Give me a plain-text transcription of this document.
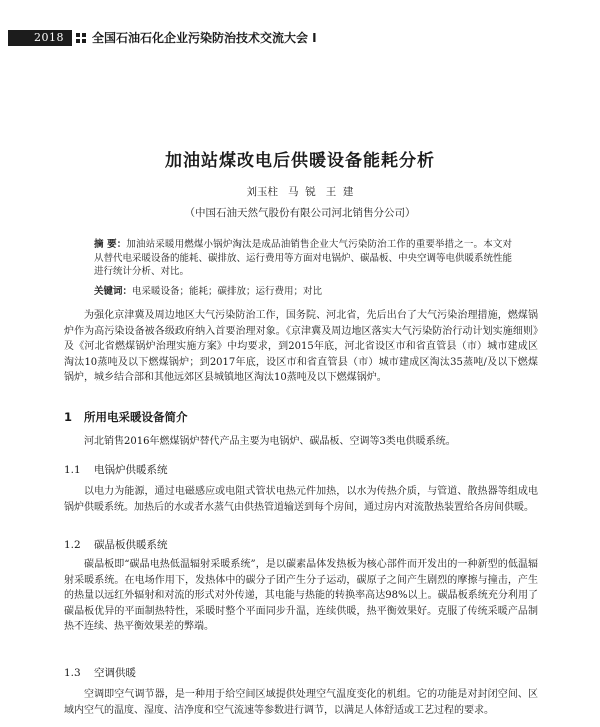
2018 全国石油石化企业污染防治技术交流大会 Ⅰ
加油站煤改电后供暖设备能耗分析
刘玉柱   马  锐   王  建
（中国石油天然气股份有限公司河北销售分公司）
摘 要：加油站采暖用燃煤小锅炉淘汰是成品油销售企业大气污染防治工作的重要举措之一。本文对从替代电采暖设备的能耗、碳排放、运行费用等方面对电锅炉、碳晶板、中央空调等电供暖系统性能进行统计分析、对比。
关键词：电采暖设备；能耗；碳排放；运行费用；对比
为强化京津冀及周边地区大气污染防治工作，国务院、河北省，先后出台了大气污染治理措施，燃煤锅炉作为高污染设备被各级政府纳入首要治理对象。《京津冀及周边地区落实大气污染防治行动计划实施细则》及《河北省燃煤锅炉治理实施方案》中均要求，到2015年底，河北省设区市和省直管县（市）城市建成区淘汰10蒸吨及以下燃煤锅炉；到2017年底，设区市和省直管县（市）城市建成区淘汰35蒸吨/及以下燃煤锅炉，城乡结合部和其他远郊区县城镇地区淘汰10蒸吨及以下燃煤锅炉。
1   所用电采暖设备简介
河北销售2016年燃煤锅炉替代产品主要为电锅炉、碳晶板、空调等3类电供暖系统。
1.1    电锅炉供暖系统
以电力为能源，通过电磁感应或电阻式管状电热元件加热，以水为传热介质，与管道、散热器等组成电锅炉供暖系统。加热后的水或者水蒸气由供热管道输送到每个房间，通过房内对流散热装置给各房间供暖。
1.2    碳晶板供暖系统
碳晶板即“碳晶电热低温辐射采暖系统”，是以碳素晶体发热板为核心部件而开发出的一种新型的低温辐射采暖系统。在电场作用下，发热体中的碳分子团产生分子运动，碳原子之间产生剧烈的摩擦与撞击，产生的热量以远红外辐射和对流的形式对外传递，其电能与热能的转换率高达98%以上。碳晶板系统充分利用了碳晶板优异的平面制热特性，采暖时整个平面同步升温，连续供暖，热平衡效果好。克服了传统采暖产品制热不连续、热平衡效果差的弊端。
1.3    空调供暖
空调即空气调节器，是一种用于给空间区域提供处理空气温度变化的机组。它的功能是对封闭空间、区域内空气的温度、湿度、洁净度和空气流速等参数进行调节，以满足人体舒适或工艺过程的要求。
